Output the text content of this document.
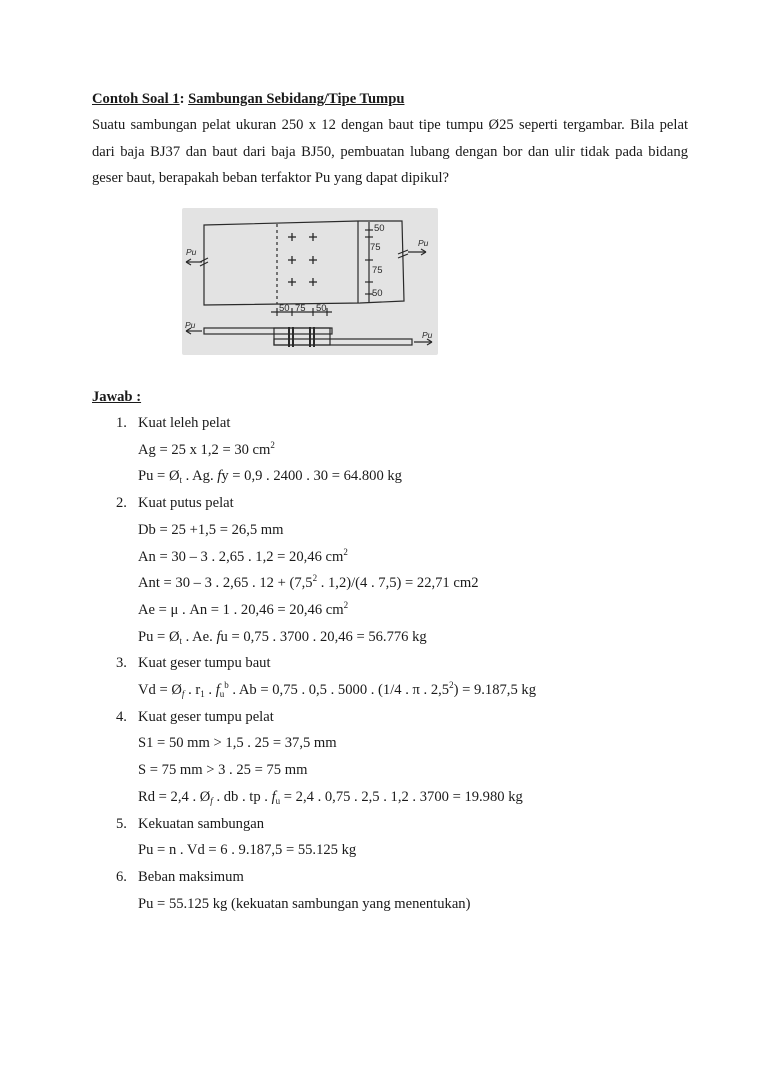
Contoh Soal 1: Sambungan Sebidang/Tipe Tumpu

Suatu sambungan pelat ukuran 250 x 12 dengan baut tipe tumpu Ø25 seperti tergambar. Bila pelat dari baja BJ37 dan baut dari baja BJ50, pembuatan lubang dengan bor dan ulir tidak pada bidang geser baut, berapakah beban terfaktor Pu yang dapat dipikul?

50
75
75
50
50 75 50
Pu
Pu
Pu
Pu
Jawab :
1. Kuat leleh pelat
Ag = 25 x 1,2 = 30 $cm^2$
$Pu = Ø_t$ . Ag. fy = 0,9 . 2400 . 30 = 64.800 kg
2. Kuat putus pelat
Db = 25 +1,5 = 26,5 mm
An = 30 – 3 . 2,65 . 1,2 = 20,46 $cm^2$
Ant = 30 – 3 . 2,65 . $12 + (7,5^2$ . 1,2)/(4 . 7,5) = 22,71 cm2
Ae = μ . An = 1 . 20,46 = 20,46 $cm^2$
$Pu = Ø_t$ . Ae. fu = 0,75 . 3700 . 20,46 = 56.776 kg
3. Kuat geser tumpu baut
$Vd = Ø_f$ . $r_1$ . $f_u^b$ . Ab = 0,75 . 0,5 . 5000 . (1/4 . π . $2,5^2) = 9.187,5$ kg
4. Kuat geser tumpu pelat
S1 = 50 mm > 1,5 . 25 = 37,5 mm
S = 75 mm > 3 . 25 = 75 mm
Rd = 2,4 . $Ø_f$ . db . tp . $f_u = 2,4$ . 0,75 . 2,5 . 1,2 . 3700 = 19.980 kg
5. Kekuatan sambungan
Pu = n . Vd = 6 . 9.187,5 = 55.125 kg
6. Beban maksimum
Pu = 55.125 kg (kekuatan sambungan yang menentukan)
